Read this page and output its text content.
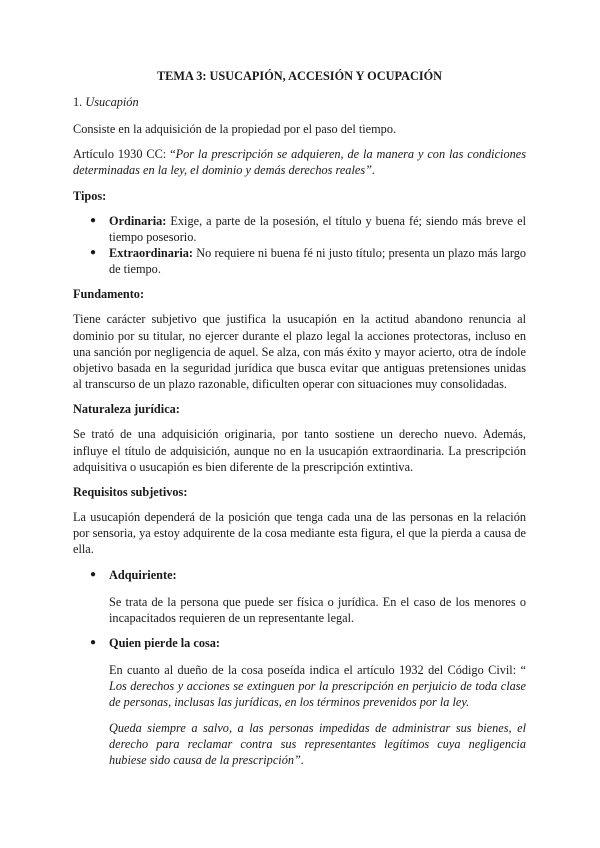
TEMA 3: USUCAPIÓN, ACCESIÓN Y OCUPACIÓN
1. Usucapión

Consiste en la adquisición de la propiedad por el paso del tiempo.

Artículo 1930 CC: “Por la prescripción se adquieren, de la manera y con las condiciones determinadas en la ley, el dominio y demás derechos reales”.

Tipos:
● Ordinaria: Exige, a parte de la posesión, el título y buena fé; siendo más breve el tiempo posesorio.
● Extraordinaria: No requiere ni buena fé ni justo título; presenta un plazo más largo de tiempo.
Fundamento:

Tiene carácter subjetivo que justifica la usucapión en la actitud abandono renuncia al dominio por su titular, no ejercer durante el plazo legal la acciones protectoras, incluso en una sanción por negligencia de aquel. Se alza, con más éxito y mayor acierto, otra de índole objetivo basada en la seguridad jurídica que busca evitar que antiguas pretensiones unidas al transcurso de un plazo razonable, dificulten operar con situaciones muy consolidadas.

Naturaleza jurídica:

Se trató de una adquisición originaria, por tanto sostiene un derecho nuevo. Además, influye el título de adquisición, aunque no en la usucapión extraordinaria. La prescripción adquisitiva o usucapión es bien diferente de la prescripción extintiva.

Requisitos subjetivos:

La usucapión dependerá de la posición que tenga cada una de las personas en la relación por sensoria, ya estoy adquirente de la cosa mediante esta figura, el que la pierda a causa de ella.

● Adquiriente:

Se trata de la persona que puede ser física o jurídica. En el caso de los menores o incapacitados requieren de un representante legal.

● Quien pierde la cosa:

En cuanto al dueño de la cosa poseída indica el artículo 1932 del Código Civil: “ Los derechos y acciones se extinguen por la prescripción en perjuicio de toda clase de personas, inclusas las jurídicas, en los términos prevenidos por la ley.

Queda siempre a salvo, a las personas impedidas de administrar sus bienes, el derecho para reclamar contra sus representantes legítimos cuya negligencia hubiese sido causa de la prescripción”.
